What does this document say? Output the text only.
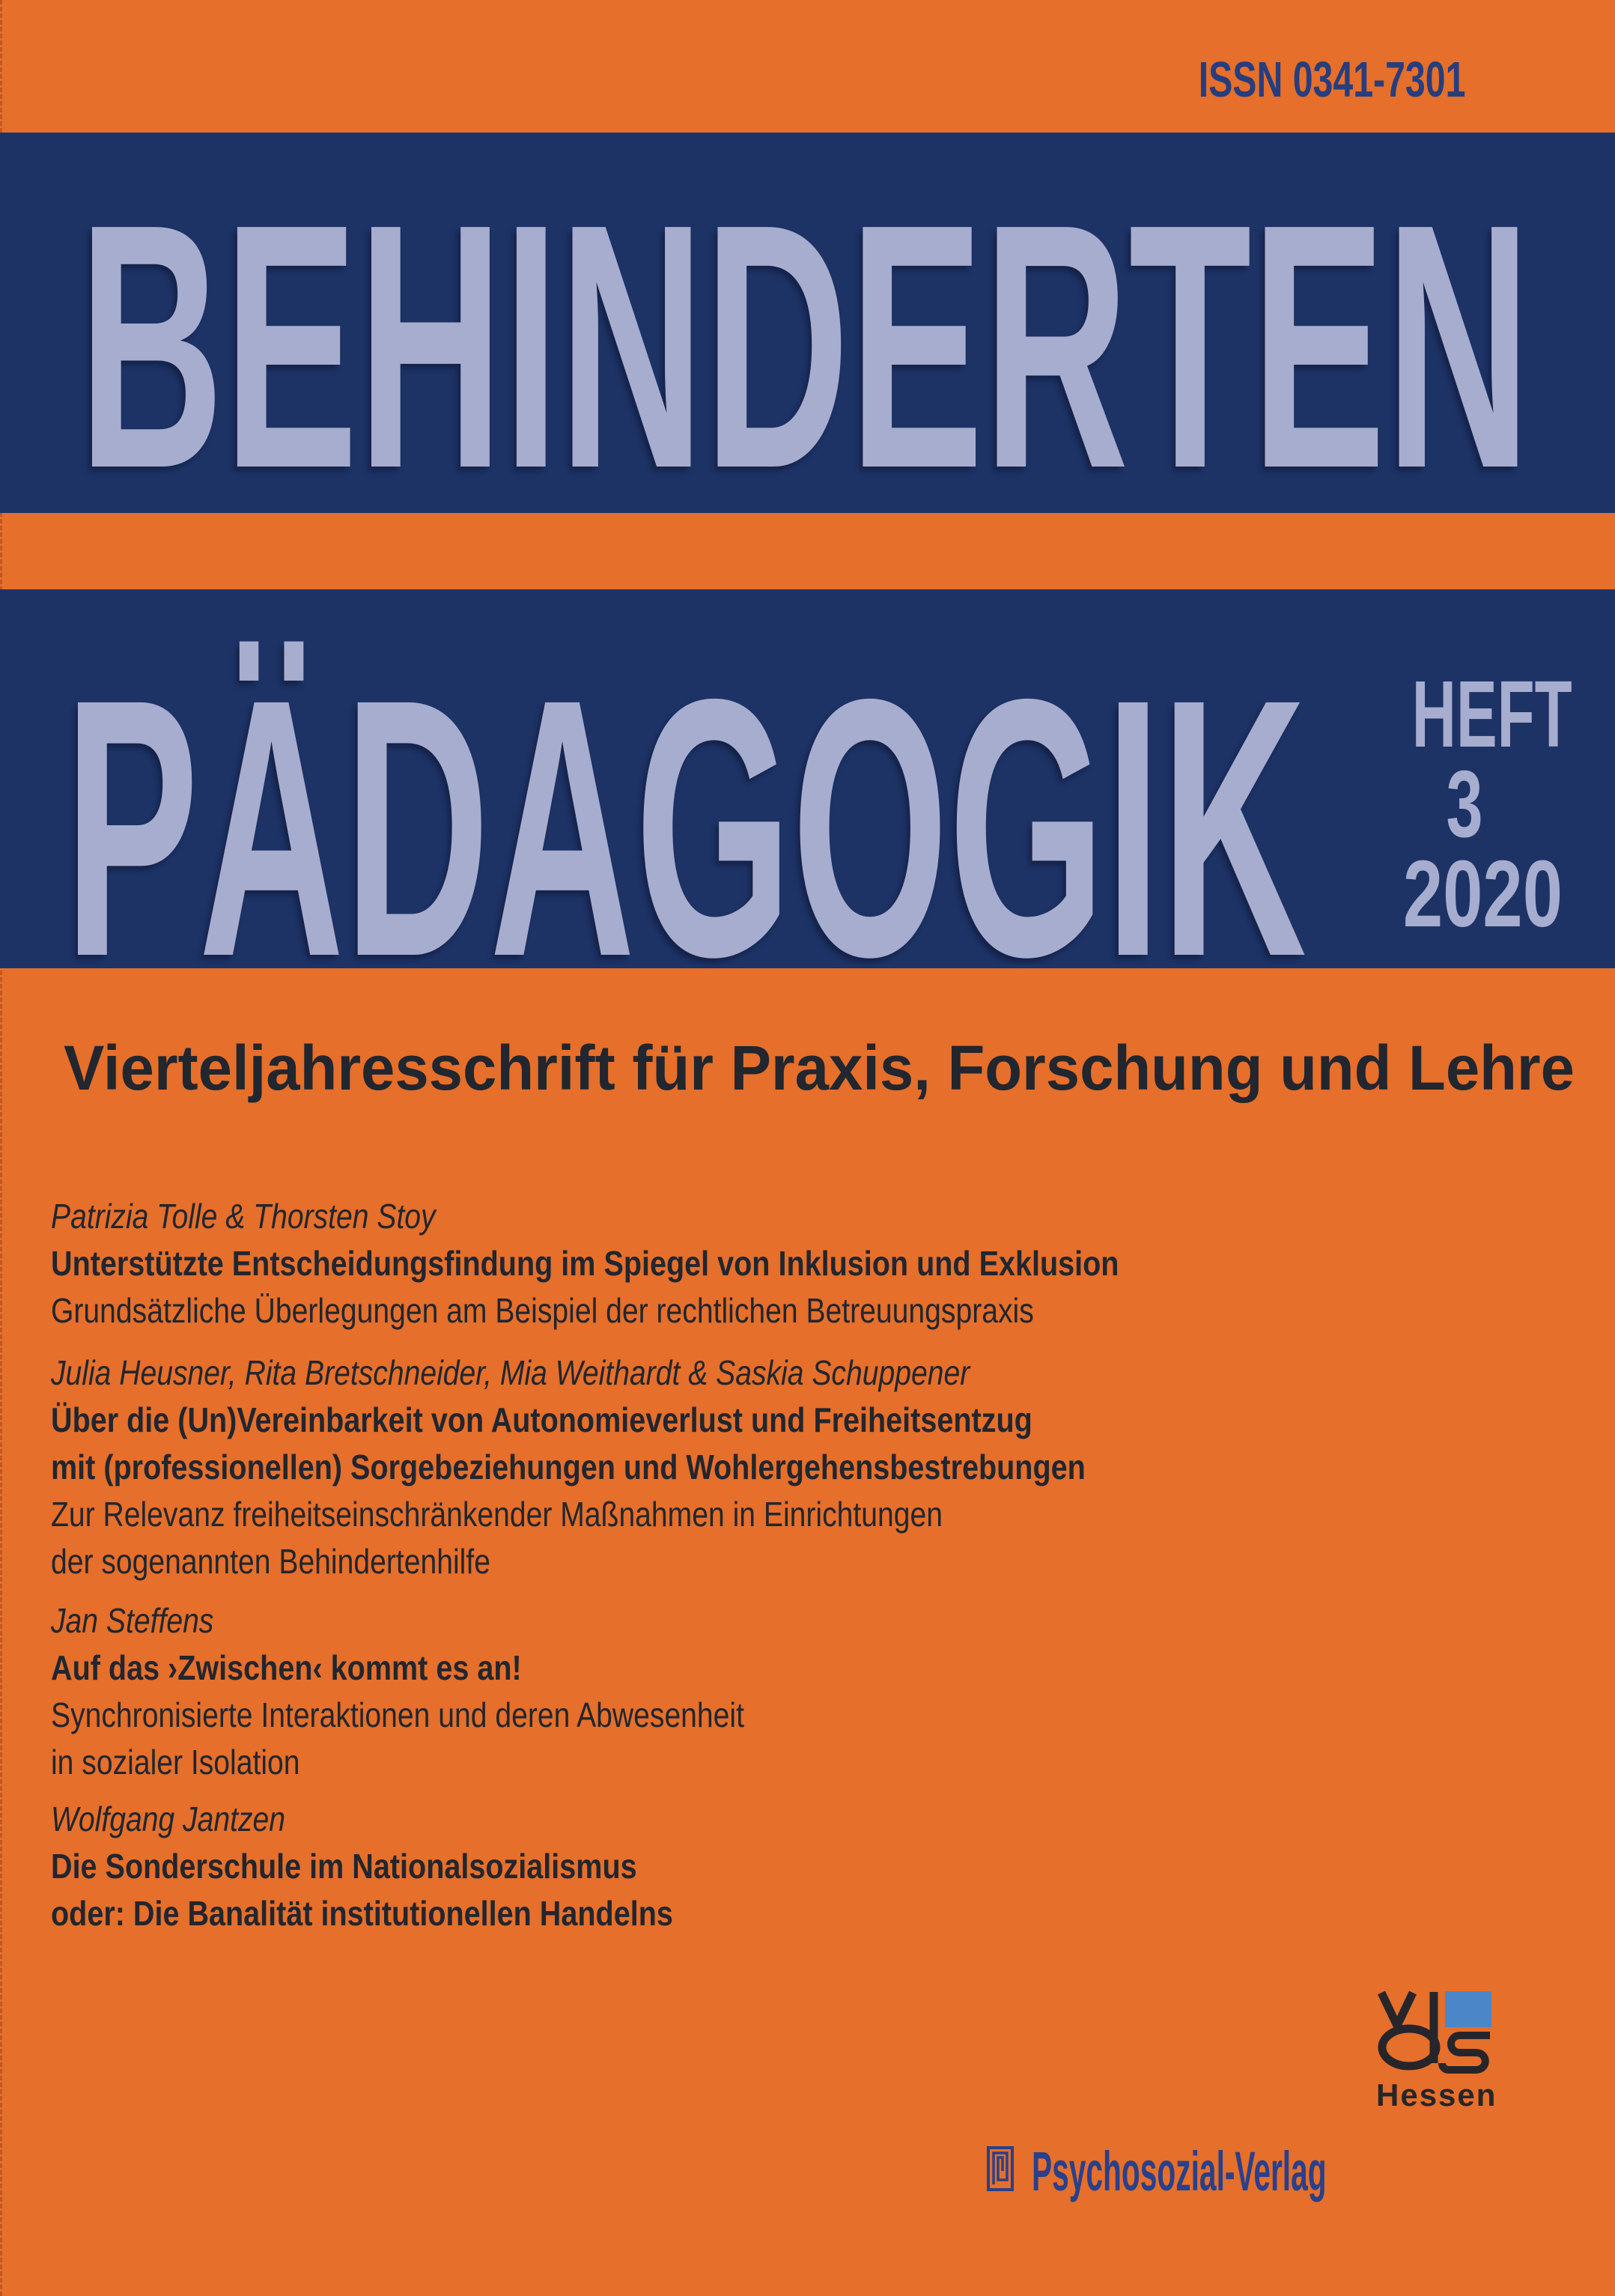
ISSN 0341-7301
BEHINDERTEN
PÄDAGOGIK HEFT
3
2020
Vierteljahresschrift für Praxis, Forschung und Lehre
Patrizia Tolle & Thorsten Stoy
Unterstützte Entscheidungsfindung im Spiegel von Inklusion und Exklusion
Grundsätzliche Überlegungen am Beispiel der rechtlichen Betreuungspraxis
Julia Heusner, Rita Bretschneider, Mia Weithardt & Saskia Schuppener
Über die (Un)Vereinbarkeit von Autonomieverlust und Freiheitsentzug
mit (professionellen) Sorgebeziehungen und Wohlergehensbestrebungen
Zur Relevanz freiheitseinschränkender Maßnahmen in Einrichtungen
der sogenannten Behindertenhilfe
Jan Steffens
Auf das ›Zwischen‹ kommt es an!
Synchronisierte Interaktionen und deren Abwesenheit
in sozialer Isolation
Wolfgang Jantzen
Die Sonderschule im Nationalsozialismus
oder: Die Banalität institutionellen Handelns
Hessen
Psychosozial-Verlag
